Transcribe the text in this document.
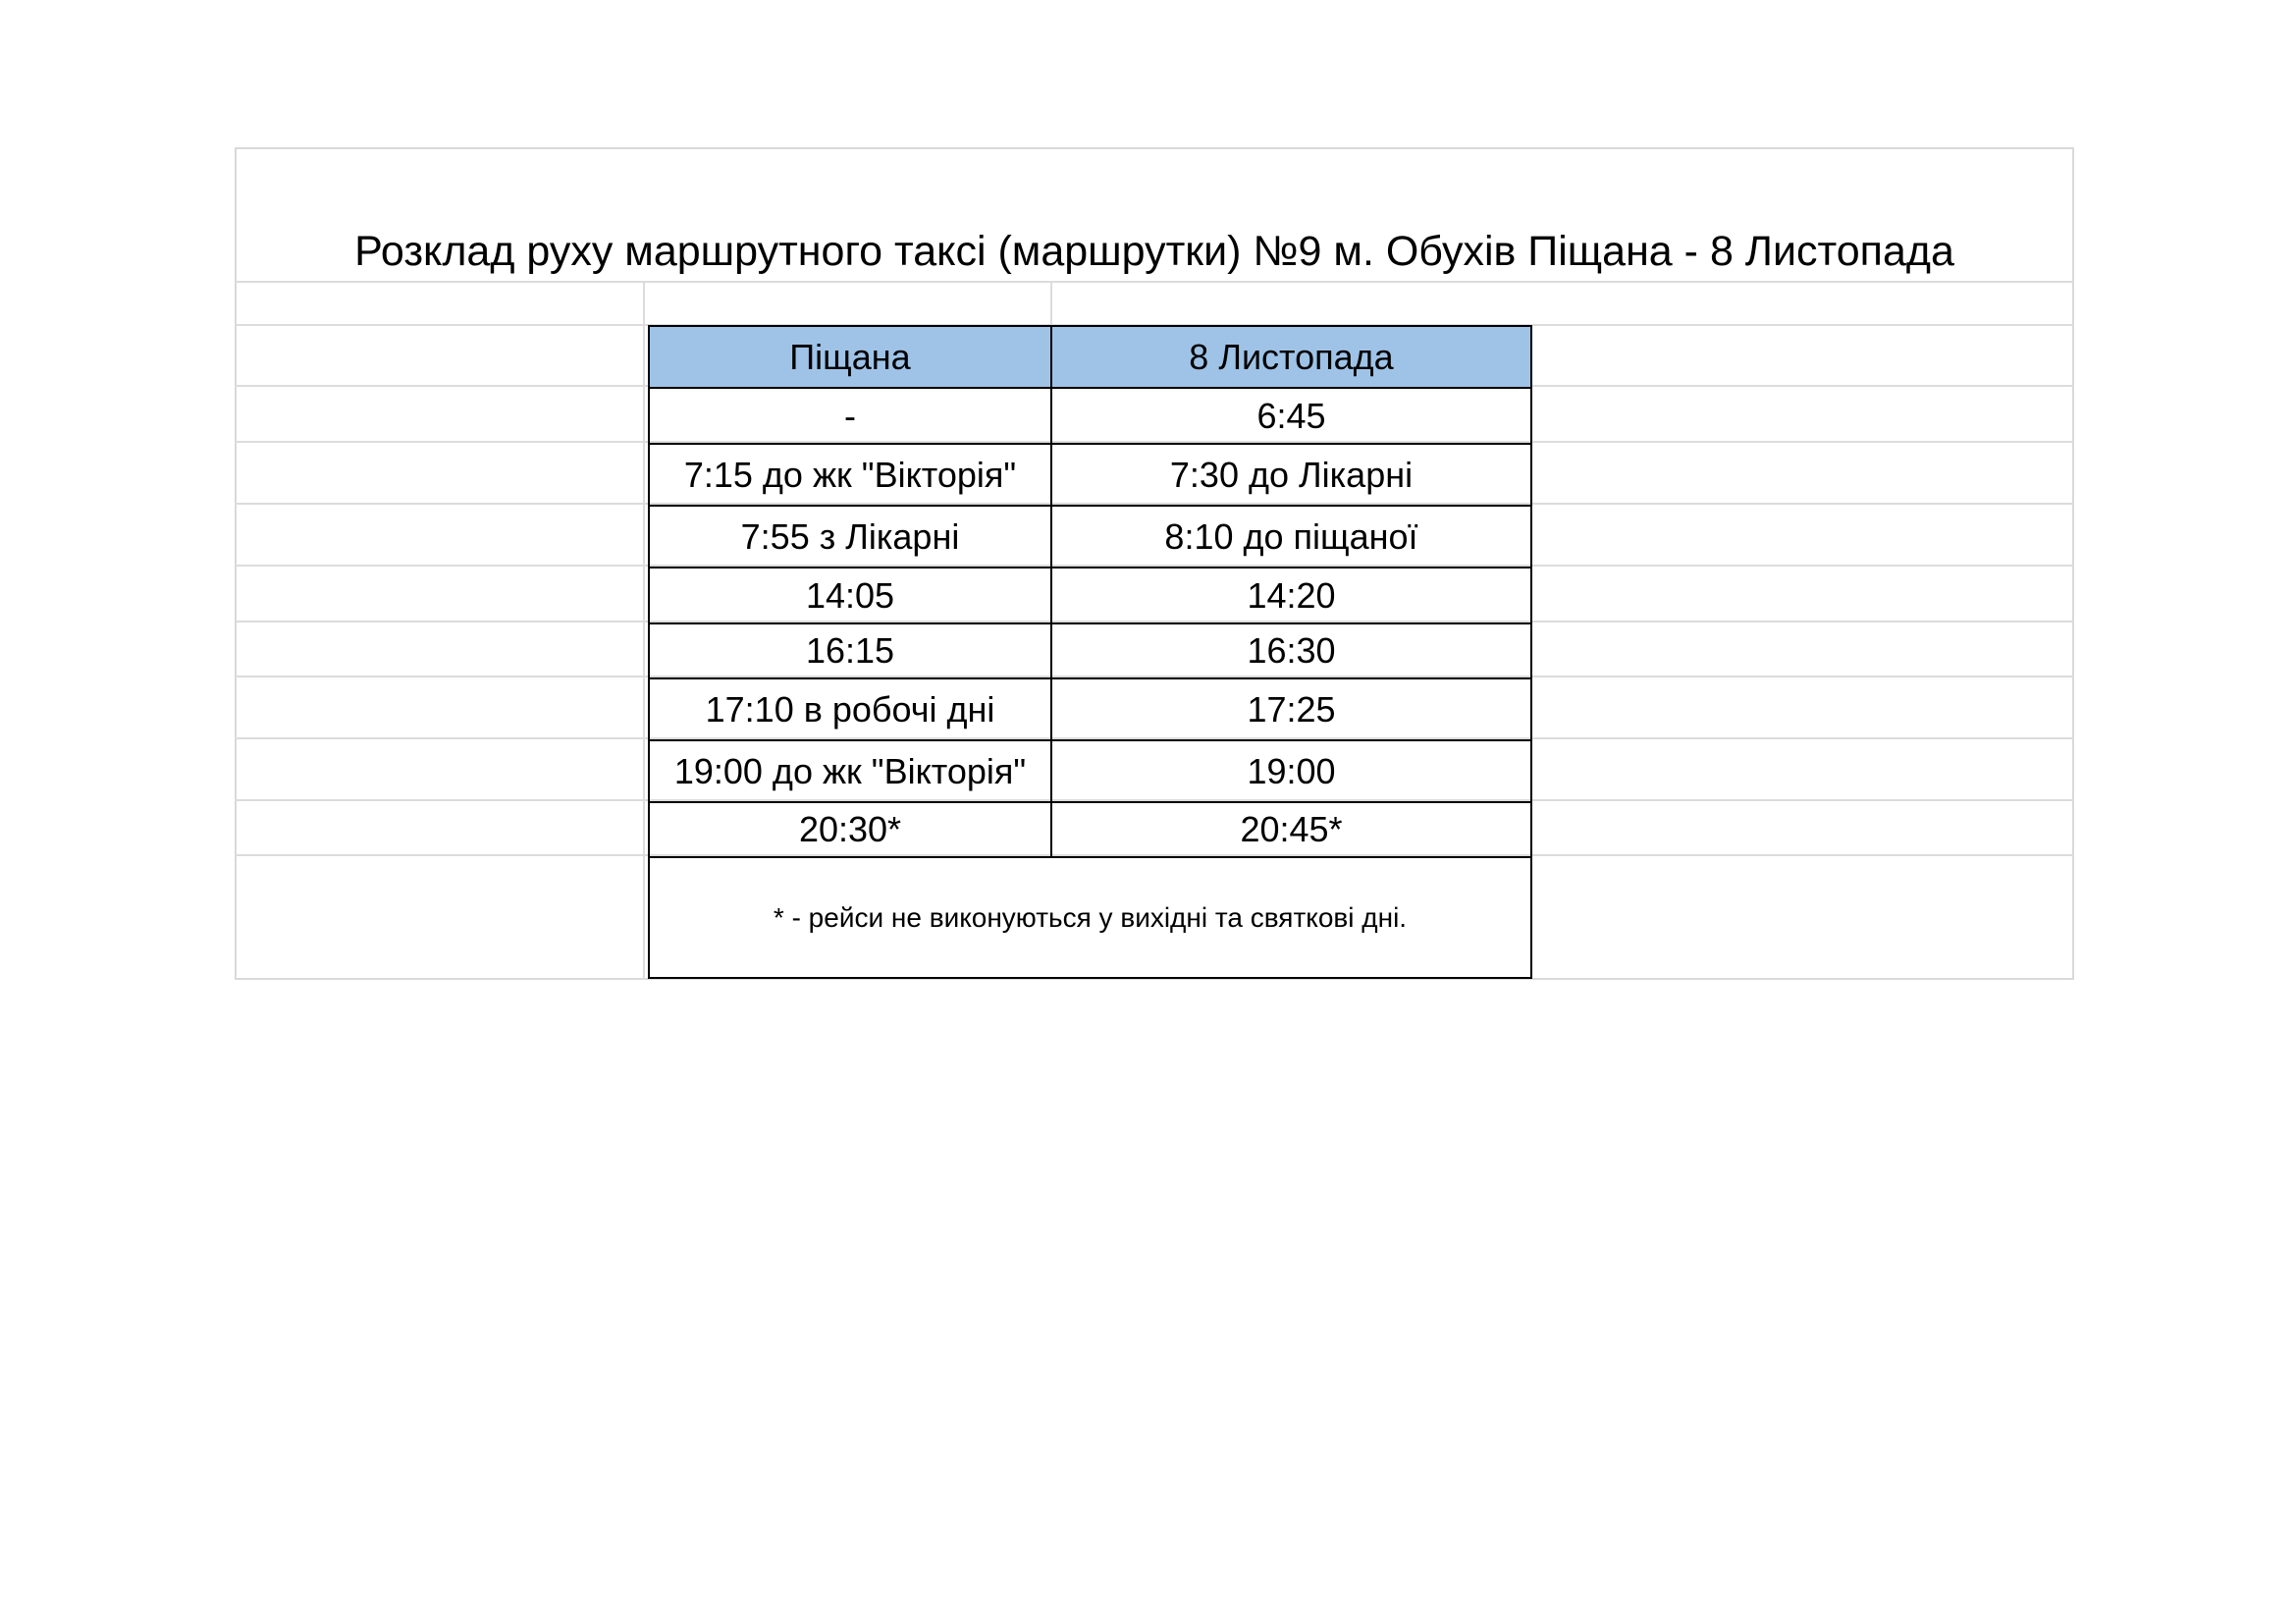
Розклад руху маршрутного таксі (маршрутки) №9 м. Обухів Піщана - 8 Листопада
Піщана	8 Листопада
-	6:45
7:15 до жк "Вікторія"	7:30 до Лікарні
7:55 з Лікарні	8:10 до піщаної
14:05	14:20
16:15	16:30
17:10 в робочі дні	17:25
19:00 до жк "Вікторія"	19:00
20:30*	20:45*
* - рейси не виконуються у вихідні та святкові дні.	
